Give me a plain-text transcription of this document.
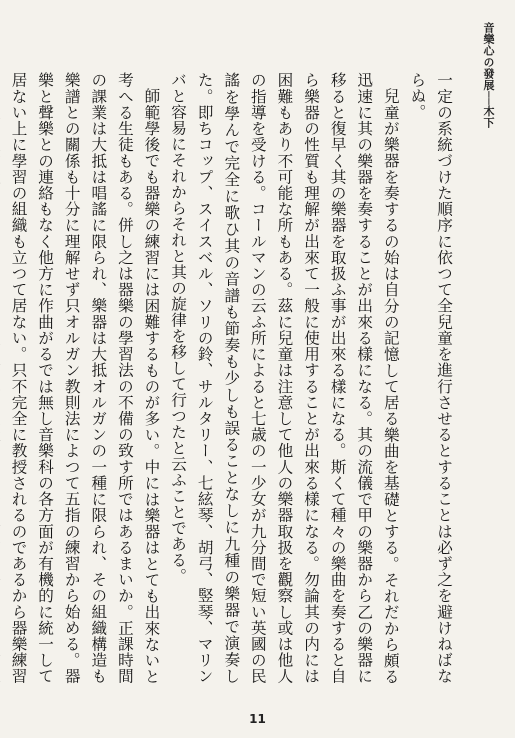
音樂心の發展──木下

一定の系統づけた順序に依つて全兒童を進行させるとすることは必ず之を避けねばならぬ。

兒童が樂器を奏するの始は自分の記憶して居る樂曲を基礎とする。それだから頗る迅速に其の樂器を奏することが出來る樣になる。其の流儀で甲の樂器から乙の樂器に移ると復早く其の樂器を取扱ふ事が出來る樣になる。斯くて種々の樂曲を奏すると自ら樂器の性質も理解が出來て一般に使用することが出來る樣になる。勿論其の内には困難もあり不可能な所もある。茲に兒童は注意して他人の樂器取扱を觀察し或は他人の指導を受ける。コールマンの云ふ所によると七歳の一少女が九分間で短い英國の民謠を學んで完全に歌ひ其の音譜も節奏も少しも誤ることなしに九種の樂器で演奏した。即ちコップ、スイスベル、ソリの鈴、サルタリー、七絃琴、胡弓、竪琴、マリンバと容易にそれからそれと其の旋律を移して行つたと云ふことである。

師範學後でも器樂の練習には困難するものが多い。中には樂器はとても出來ないと考へる生徒もある。併し之は器樂の學習法の不備の致す所ではあるまいか。正課時間の課業は大抵は唱謠に限られ、樂器は大抵オルガンの一種に限られ、その組織構造も樂譜との關係も十分に理解せず只オルガン教則法によつて五指の練習から始める。器樂と聲樂との連絡もなく他方に作曲がるでは無し音樂科の各方面が有機的に統一して居ない上に學習の組織も立つて居ない。只不完全に教授されるのであるから器樂練習

11
